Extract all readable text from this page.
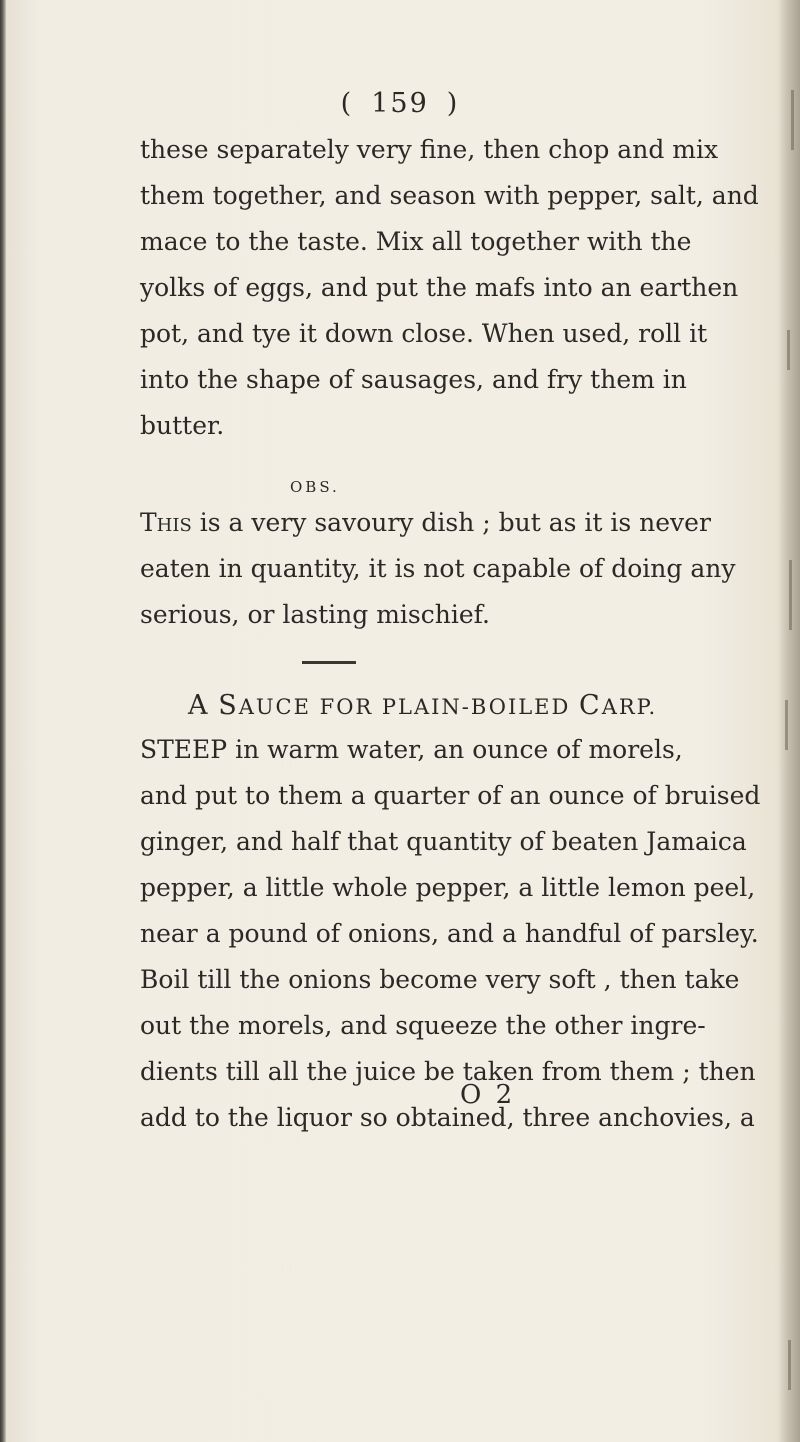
( 159 )
these separately very fine, then chop and mix
them together, and season with pepper, salt, and
mace to the taste. Mix all together with the
yolks of eggs, and put the mafs into an earthen
pot, and tye it down close. When used, roll it
into the shape of sausages, and fry them in
butter.
OBS.
This is a very savoury dish ; but as it is never
eaten in quantity, it is not capable of doing any
serious, or lasting mischief.
A SAUCE FOR PLAIN-BOILED CARP.
STEEP in warm water, an ounce of morels,
and put to them a quarter of an ounce of bruised
ginger, and half that quantity of beaten Jamaica
pepper, a little whole pepper, a little lemon peel,
near a pound of onions, and a handful of parsley.
Boil till the onions become very soft , then take
out the morels, and squeeze the other ingre-
dients till all the juice be taken from them ; then
add to the liquor so obtained, three anchovies, a
O 2
